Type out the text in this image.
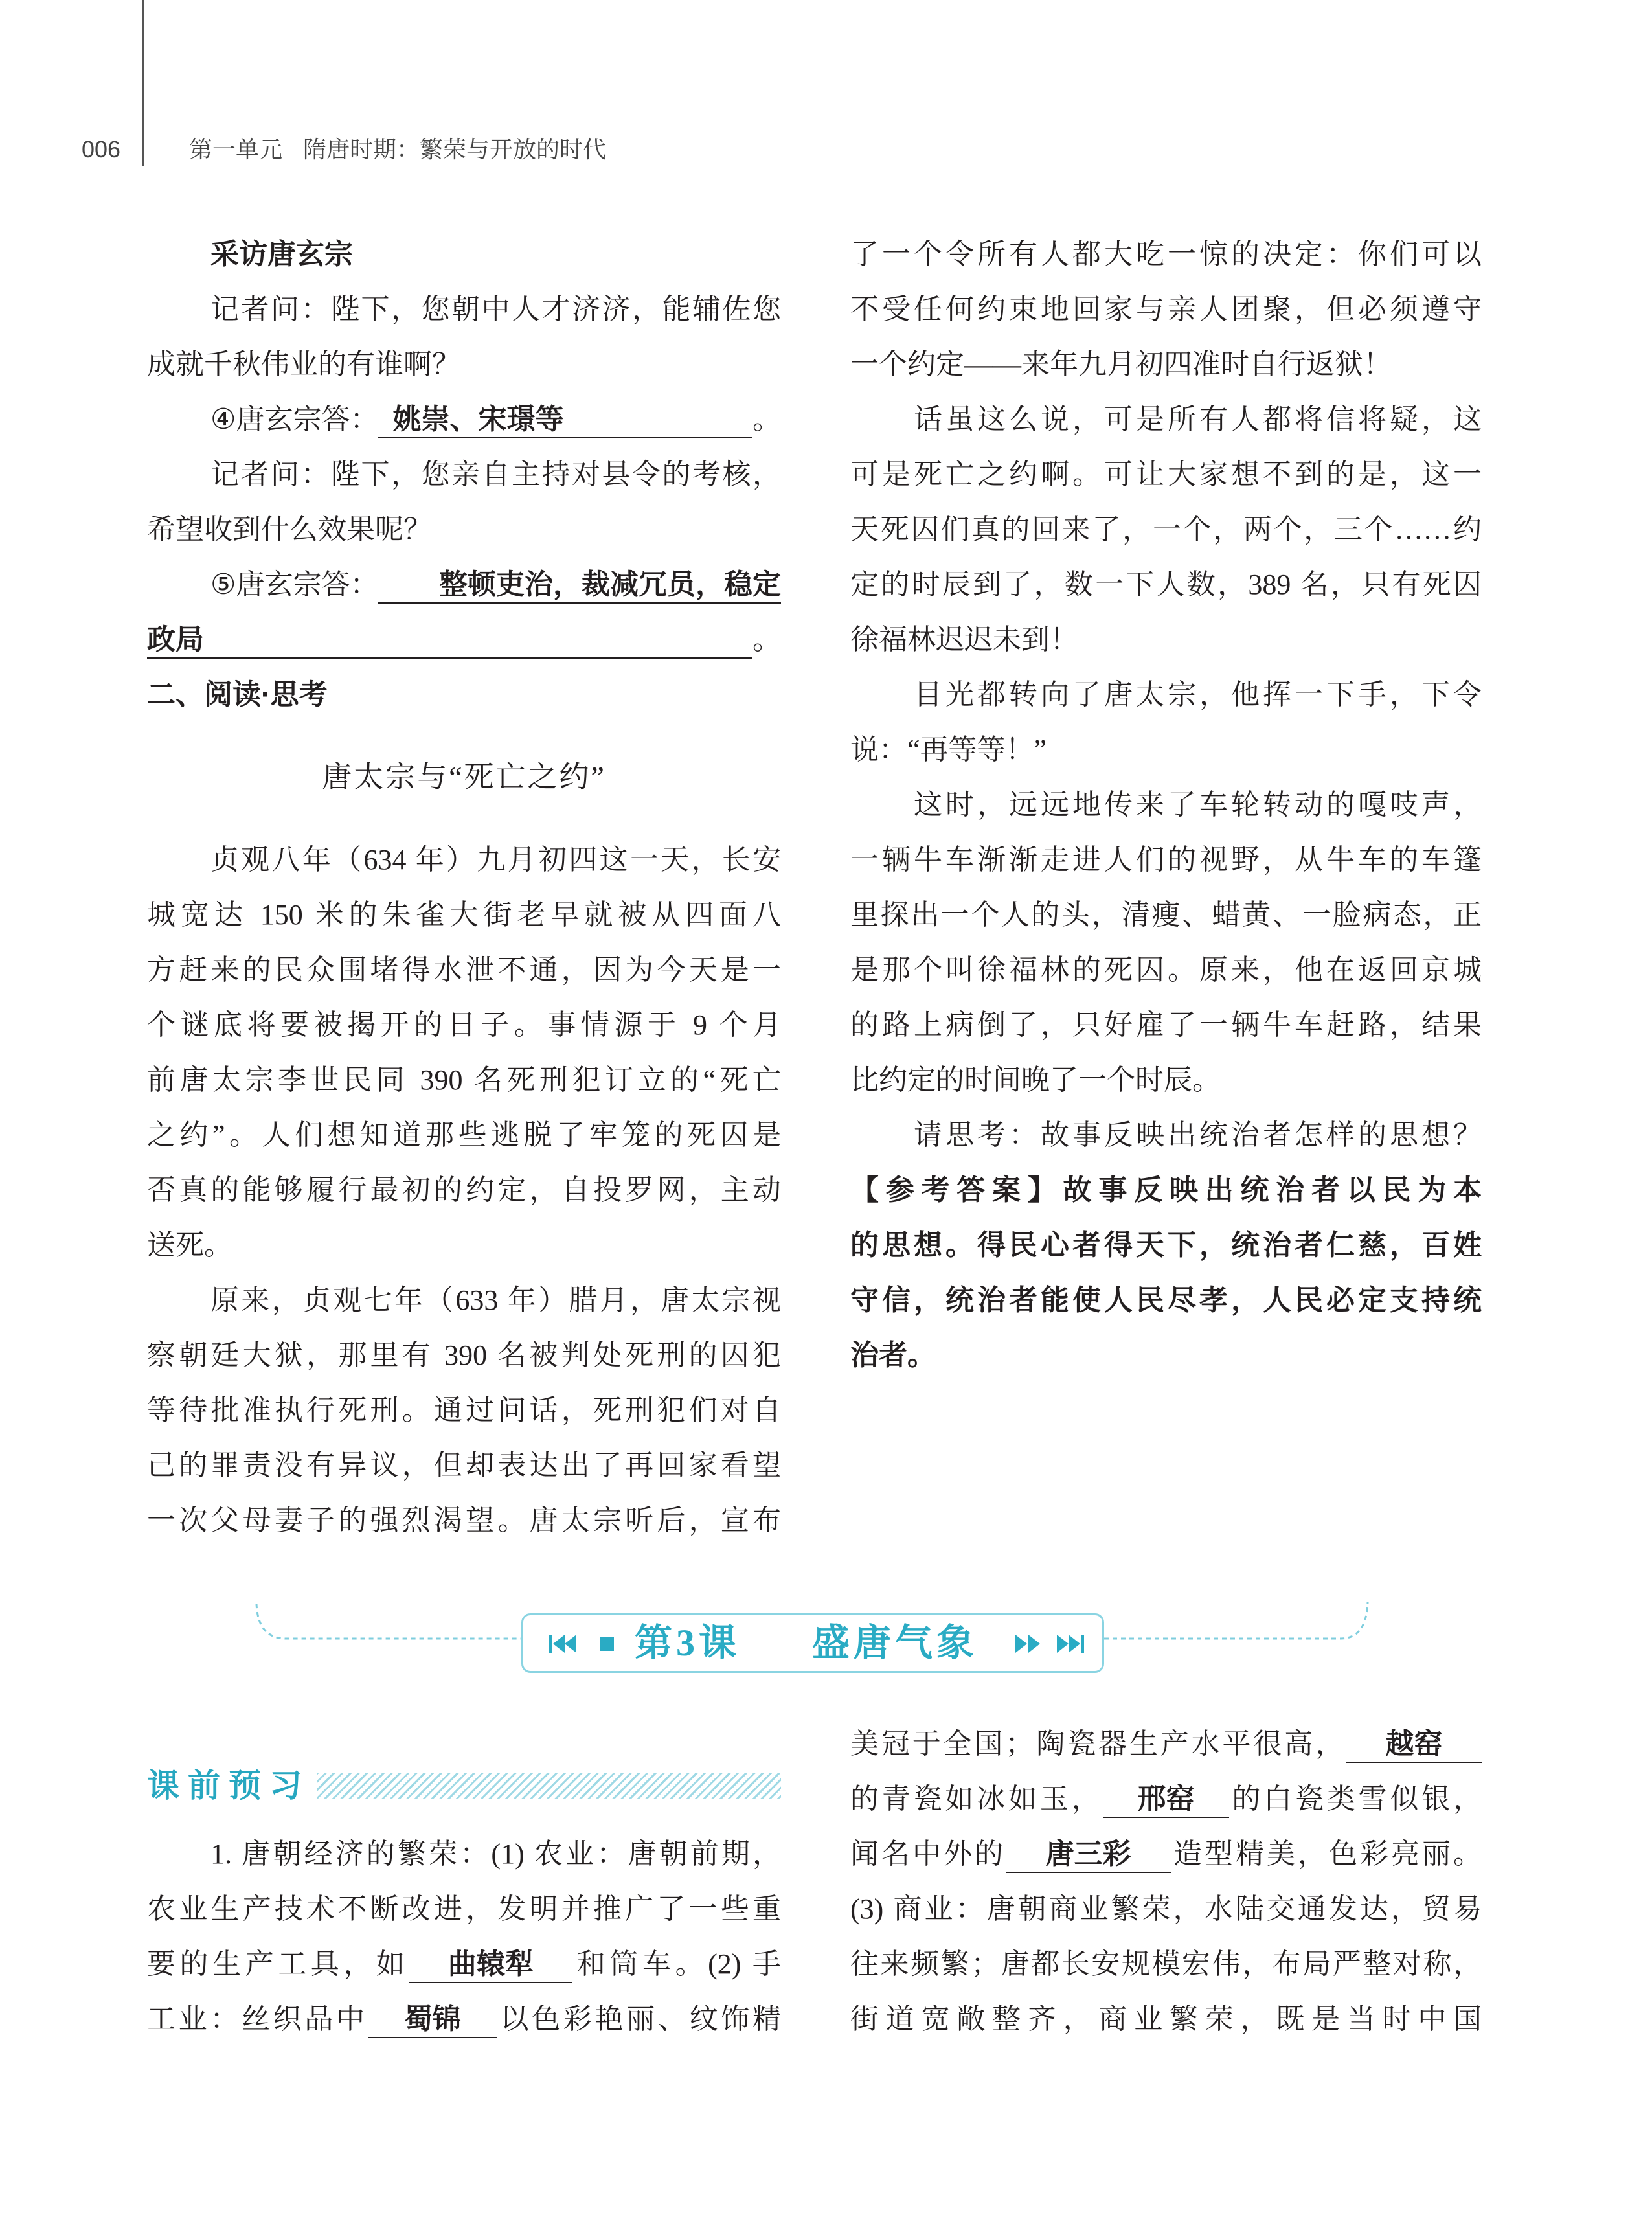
006	第一单元 隋唐时期：繁荣与开放的时代
采访唐玄宗
记者问：陛下，您朝中人才济济，能辅佐您
成就千秋伟业的有谁啊？
④唐玄宗答： 姚崇、宋璟等	。
记者问：陛下，您亲自主持对县令的考核，
希望收到什么效果呢？
⑤唐玄宗答：	整顿吏治，裁减冗员，稳定
政局	。
二、阅读·思考
唐太宗与“死亡之约”
贞观八年（634 年）九月初四这一天，长安
城宽达 150 米的朱雀大街老早就被从四面八
方赶来的民众围堵得水泄不通，因为今天是一
个谜底将要被揭开的日子。事情源于 9 个月
前唐太宗李世民同 390 名死刑犯订立的“死亡
之约”。人们想知道那些逃脱了牢笼的死囚是
否真的能够履行最初的约定，自投罗网，主动
送死。
原来，贞观七年（633 年）腊月，唐太宗视
察朝廷大狱，那里有 390 名被判处死刑的囚犯
等待批准执行死刑。通过问话，死刑犯们对自
己的罪责没有异议，但却表达出了再回家看望
一次父母妻子的强烈渴望。唐太宗听后，宣布
了一个令所有人都大吃一惊的决定：你们可以
不受任何约束地回家与亲人团聚，但必须遵守
一个约定——来年九月初四准时自行返狱！
话虽这么说，可是所有人都将信将疑，这
可是死亡之约啊。可让大家想不到的是，这一
天死囚们真的回来了，一个，两个，三个……约
定的时辰到了，数一下人数，389 名，只有死囚
徐福林迟迟未到！
目光都转向了唐太宗，他挥一下手，下令
说：“再等等！”
这时，远远地传来了车轮转动的嘎吱声，
一辆牛车渐渐走进人们的视野，从牛车的车篷
里探出一个人的头，清瘦、蜡黄、一脸病态，正
是那个叫徐福林的死囚。原来，他在返回京城
的路上病倒了，只好雇了一辆牛车赶路，结果
比约定的时间晚了一个时辰。
请思考：故事反映出统治者怎样的思想？
【参考答案】故事反映出统治者以民为本
的思想。得民心者得天下，统治者仁慈，百姓
守信，统治者能使人民尽孝，人民必定支持统
治者。
第3课 盛唐气象
课前预习
1. 唐朝经济的繁荣：(1) 农业：唐朝前期，
农业生产技术不断改进，发明并推广了一些重
要的生产工具，如 曲辕犁 和筒车。(2) 手
工业：丝织品中 蜀锦 以色彩艳丽、纹饰精
美冠于全国；陶瓷器生产水平很高， 越窑
的青瓷如冰如玉， 邢窑 的白瓷类雪似银，
闻名中外的 唐三彩 造型精美，色彩亮丽。
(3) 商业：唐朝商业繁荣，水陆交通发达，贸易
往来频繁；唐都长安规模宏伟，布局严整对称，
街道宽敞整齐，商业繁荣，既是当时中国
